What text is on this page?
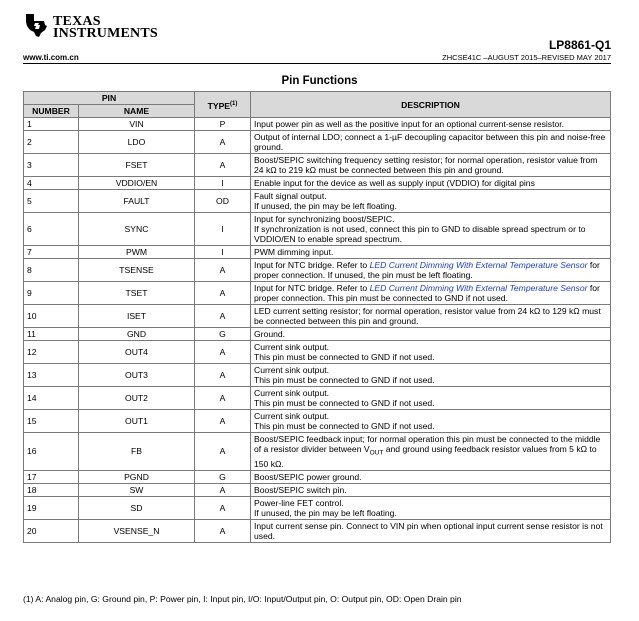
TEXAS
INSTRUMENTS
LP8861-Q1
www.ti.com.cn	ZHCSE41C –AUGUST 2015–REVISED MAY 2017
Pin Functions
PIN		TYPE$^{(1)}$	DESCRIPTION
NUMBER	NAME		
1	VIN	P	Input power pin as well as the positive input for an optional current-sense resistor.

2	LDO	A	Output of internal LDO; connect a 1-µF decoupling capacitor between this pin and noise-free ground.

3	FSET	A	Boost/SEPIC switching frequency setting resistor; for normal operation, resistor value from 24 kΩ to 219 kΩ must be connected between this pin and ground.

4	VDDIO/EN	I	Enable input for the device as well as supply input (VDDIO) for digital pins

5	FAULT	OD	Fault signal output.
If unused, the pin may be left floating.

6	SYNC	I	Input for synchronizing boost/SEPIC.
If synchronization is not used, connect this pin to GND to disable spread spectrum or to VDDIO/EN to enable spread spectrum.

7	PWM	I	PWM dimming input.

8	TSENSE	A	Input for NTC bridge. Refer to LED Current Dimming With External Temperature Sensor for proper connection. If unused, the pin must be left floating.
9	TSET	A	Input for NTC bridge. Refer to LED Current Dimming With External Temperature Sensor for proper connection. This pin must be connected to GND if not used.
10	ISET	A	LED current setting resistor; for normal operation, resistor value from 24 kΩ to 129 kΩ must be connected between this pin and ground.

11	GND	G	Ground.

12	OUT4	A	Current sink output.
This pin must be connected to GND if not used.

13	OUT3	A	Current sink output.
This pin must be connected to GND if not used.

14	OUT2	A	Current sink output.
This pin must be connected to GND if not used.

15	OUT1	A	Current sink output.
This pin must be connected to GND if not used.

16	FB	A	Boost/SEPIC feedback input; for normal operation this pin must be connected to the middle of a resistor divider between $V_{OUT}$ and ground using feedback resistor values from 5 kΩ to 150 kΩ.
17	PGND	G	Boost/SEPIC power ground.

18	SW	A	Boost/SEPIC switch pin.

19	SD	A	Power-line FET control.
If unused, the pin may be left floating.

20	VSENSE_N	A	Input current sense pin. Connect to VIN pin when optional input current sense resistor is not used.
(1) A: Analog pin, G: Ground pin, P: Power pin, I: Input pin, I/O: Input/Output pin, O: Output pin, OD: Open Drain pin
